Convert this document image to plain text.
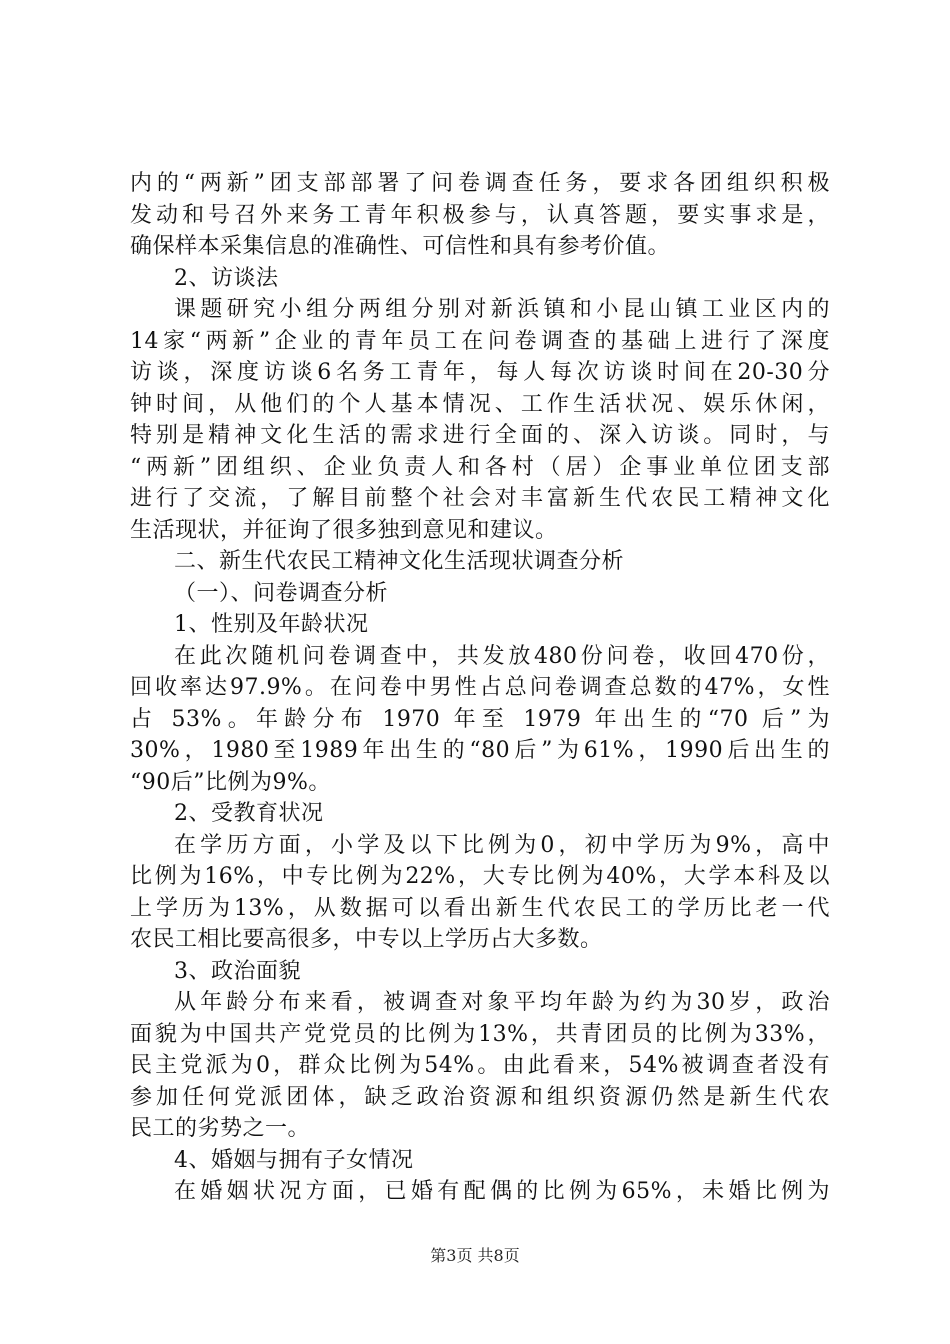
内的“两新”团支部部署了问卷调查任务，要求各团组织积极
发动和号召外来务工青年积极参与，认真答题，要实事求是，
确保样本采集信息的准确性、可信性和具有参考价值。
2、访谈法
课题研究小组分两组分别对新浜镇和小昆山镇工业区内的
14家“两新”企业的青年员工在问卷调查的基础上进行了深度
访谈，深度访谈6名务工青年，每人每次访谈时间在20-30分
钟时间，从他们的个人基本情况、工作生活状况、娱乐休闲，
特别是精神文化生活的需求进行全面的、深入访谈。同时，与
“两新”团组织、企业负责人和各村（居）企事业单位团支部
进行了交流，了解目前整个社会对丰富新生代农民工精神文化
生活现状，并征询了很多独到意见和建议。
二、新生代农民工精神文化生活现状调查分析
（一）、问卷调查分析
1、性别及年龄状况
在此次随机问卷调查中，共发放480份问卷，收回470份，
回收率达97.9%。在问卷中男性占总问卷调查总数的47%，女性
占 53%。年龄分布 1970 年至 1979 年出生的“70 后”为
30%，1980至1989年出生的“80后”为61%，1990后出生的
“90后”比例为9%。
2、受教育状况
在学历方面，小学及以下比例为0，初中学历为9%，高中
比例为16%，中专比例为22%，大专比例为40%，大学本科及以
上学历为13%，从数据可以看出新生代农民工的学历比老一代
农民工相比要高很多，中专以上学历占大多数。
3、政治面貌
从年龄分布来看，被调查对象平均年龄为约为30岁，政治
面貌为中国共产党党员的比例为13%，共青团员的比例为33%，
民主党派为0，群众比例为54%。由此看来，54%被调查者没有
参加任何党派团体，缺乏政治资源和组织资源仍然是新生代农
民工的劣势之一。
4、婚姻与拥有子女情况
在婚姻状况方面，已婚有配偶的比例为65%，未婚比例为
第3页 共8页
